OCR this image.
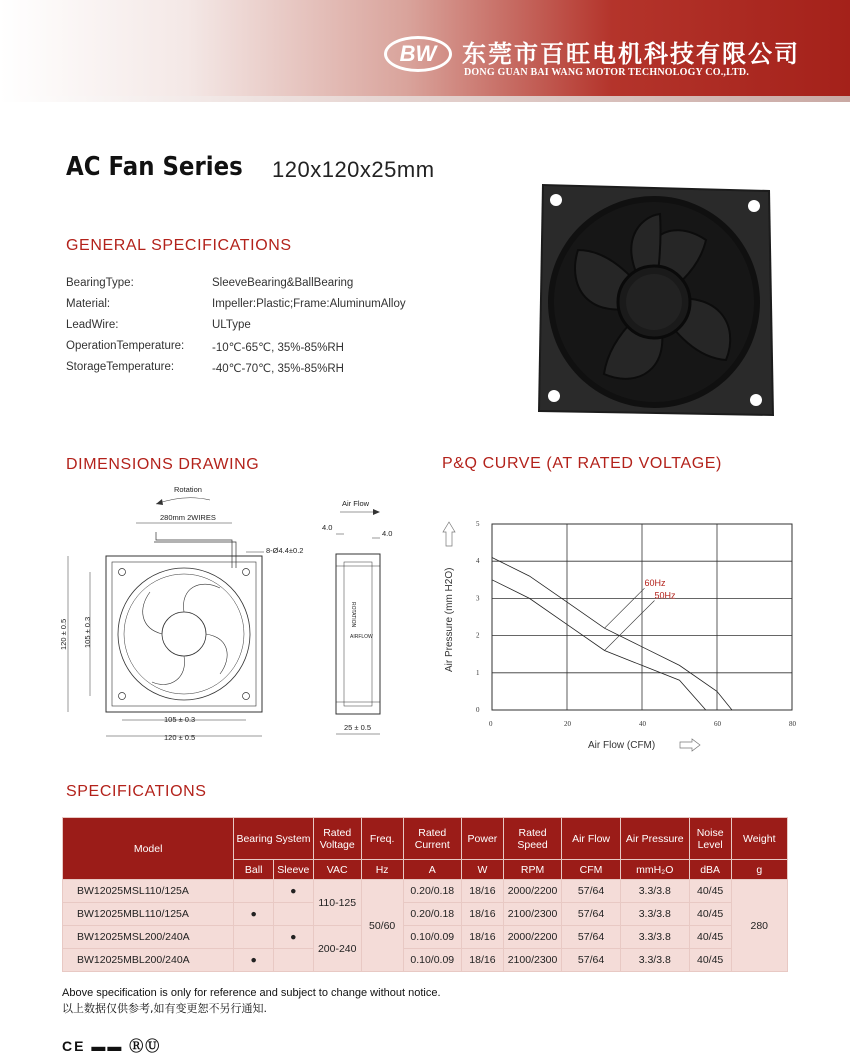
BW	东莞市百旺电机科技有限公司
DONG GUAN BAI WANG MOTOR TECHNOLOGY CO.,LTD.
AC Fan Series 120x120x25mm
GENERAL SPECIFICATIONS
BearingType:	SleeveBearing&BallBearing
Material:	Impeller:Plastic;Frame:AluminumAlloy
LeadWire:	ULType
OperationTemperature: -10℃-65℃, 35%-85%RH
StorageTemperature:	-40℃-70℃, 35%-85%RH
DIMENSIONS DRAWING	P&Q CURVE (AT RATED VOLTAGE)
280mm 2WIRES
Rotation
8-Ø4.4±0.2
120 ± 0.5 105 ± 0.3
105 ± 0.3
120 ± 0.5
ROTATION
AIRFLOW
Air Flow
4.0
4.0
25 ± 0.5	0	20	40	60	80
0
1
2
3
4
5
60Hz
50Hz
Air Flow (CFM)
Air Pressure (mm H2O)
SPECIFICATIONS
Model	Bearing System		Rated Voltage	Freq.	Rated Current	Power	Rated Speed	Air Flow	Air Pressure	Noise Level	Weight
	Ball	Sleeve	VAC	Hz	A	W	RPM	CFM	mmH₂O	dBA	g
BW12025MSL110/125A		●	110-125	50/60	0.20/0.18	18/16	2000/2200	57/64	3.3/3.8	40/45	280
BW12025MBL110/125A	●				0.20/0.18	18/16	2100/2300	57/64	3.3/3.8	40/45	
BW12025MSL200/240A		●	200-240		0.10/0.09	18/16	2000/2200	57/64	3.3/3.8	40/45	
BW12025MBL200/240A	●				0.10/0.09	18/16	2100/2300	57/64	3.3/3.8	40/45	
Above specification is only for reference and subject to change without notice.
以上数据仅供参考,如有变更恕不另行通知.
CE ▬▬ ⓇⓊ
